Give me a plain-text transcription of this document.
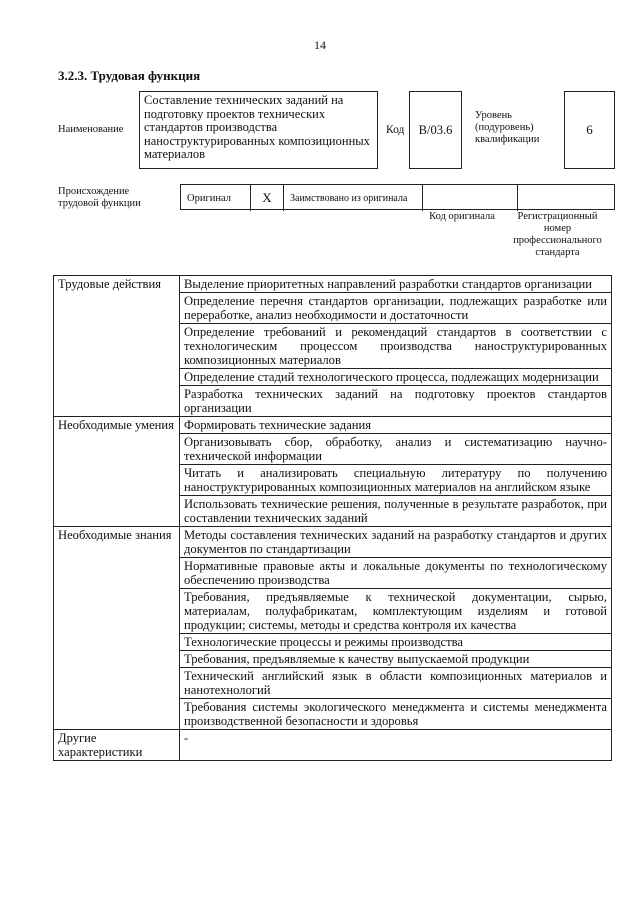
14
3.2.3. Трудовая функция
Наименование
Составление технических заданий на подготовку проектов технических стандартов производства наноструктурированных композиционных материалов
Код	B/03.6
Уровень (подуровень) квалификации
6
Происхождение трудовой функции	Оригинал	X	Заимствовано из оригинала
Код оригинала	Регистрационный номер профессионального стандарта
Трудовые действия	Выделение приоритетных направлений разработки стандартов организации
	Определение перечня стандартов организации, подлежащих разработке или переработке, анализ необходимости и достаточности
	Определение требований и рекомендаций стандартов в соответствии с технологическим процессом производства наноструктурированных композиционных материалов
	Определение стадий технологического процесса, подлежащих модернизации
	Разработка технических заданий на подготовку проектов стандартов организации
Необходимые умения	Формировать технические задания
	Организовывать сбор, обработку, анализ и систематизацию научно-технической информации
	Читать и анализировать специальную литературу по получению наноструктурированных композиционных материалов на английском языке
	Использовать технические решения, полученные в результате разработок, при составлении технических заданий
Необходимые знания	Методы составления технических заданий на разработку стандартов и других документов по стандартизации
	Нормативные правовые акты и локальные документы по технологическому обеспечению производства
	Требования, предъявляемые к технической документации, сырью, материалам, полуфабрикатам, комплектующим изделиям и готовой продукции; системы, методы и средства контроля их качества
	Технологические процессы и режимы производства
	Требования, предъявляемые к качеству выпускаемой продукции
	Технический английский язык в области композиционных материалов и нанотехнологий
	Требования системы экологического менеджмента и системы менеджмента производственной безопасности и здоровья
Другие характеристики	-
